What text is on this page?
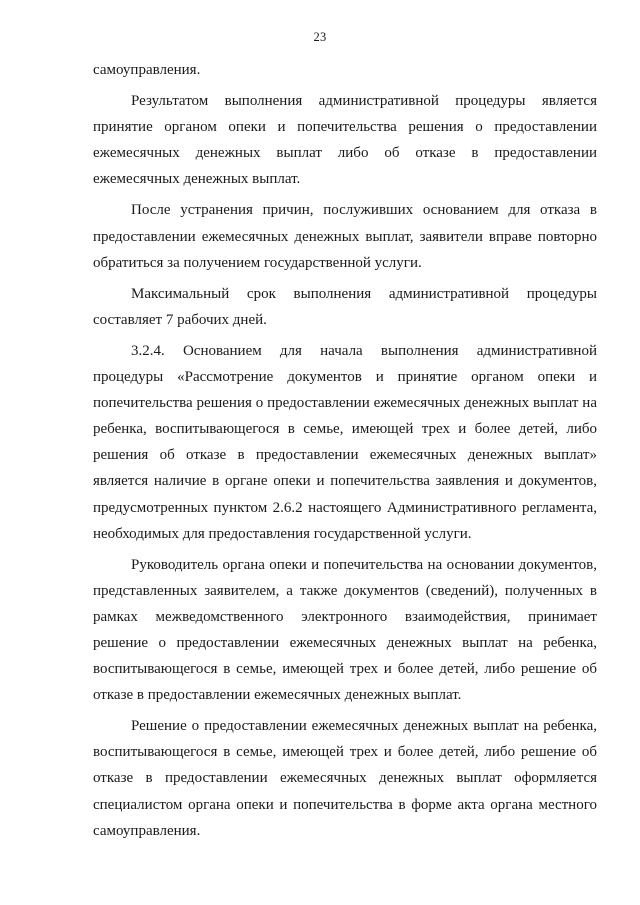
23

самоуправления.

Результатом выполнения административной процедуры является принятие органом опеки и попечительства решения о предоставлении ежемесячных денежных выплат либо об отказе в предоставлении ежемесячных денежных выплат.

После устранения причин, послуживших основанием для отказа в предоставлении ежемесячных денежных выплат, заявители вправе повторно обратиться за получением государственной услуги.

Максимальный срок выполнения административной процедуры составляет 7 рабочих дней.

3.2.4. Основанием для начала выполнения административной процедуры «Рассмотрение документов и принятие органом опеки и попечительства решения о предоставлении ежемесячных денежных выплат на ребенка, воспитывающегося в семье, имеющей трех и более детей, либо решения об отказе в предоставлении ежемесячных денежных выплат» является наличие в органе опеки и попечительства заявления и документов, предусмотренных пунктом 2.6.2 настоящего Административного регламента, необходимых для предоставления государственной услуги.

Руководитель органа опеки и попечительства на основании документов, представленных заявителем, а также документов (сведений), полученных в рамках межведомственного электронного взаимодействия, принимает решение о предоставлении ежемесячных денежных выплат на ребенка, воспитывающегося в семье, имеющей трех и более детей, либо решение об отказе в предоставлении ежемесячных денежных выплат.

Решение о предоставлении ежемесячных денежных выплат на ребенка, воспитывающегося в семье, имеющей трех и более детей, либо решение об отказе в предоставлении ежемесячных денежных выплат оформляется специалистом органа опеки и попечительства в форме акта органа местного самоуправления.
